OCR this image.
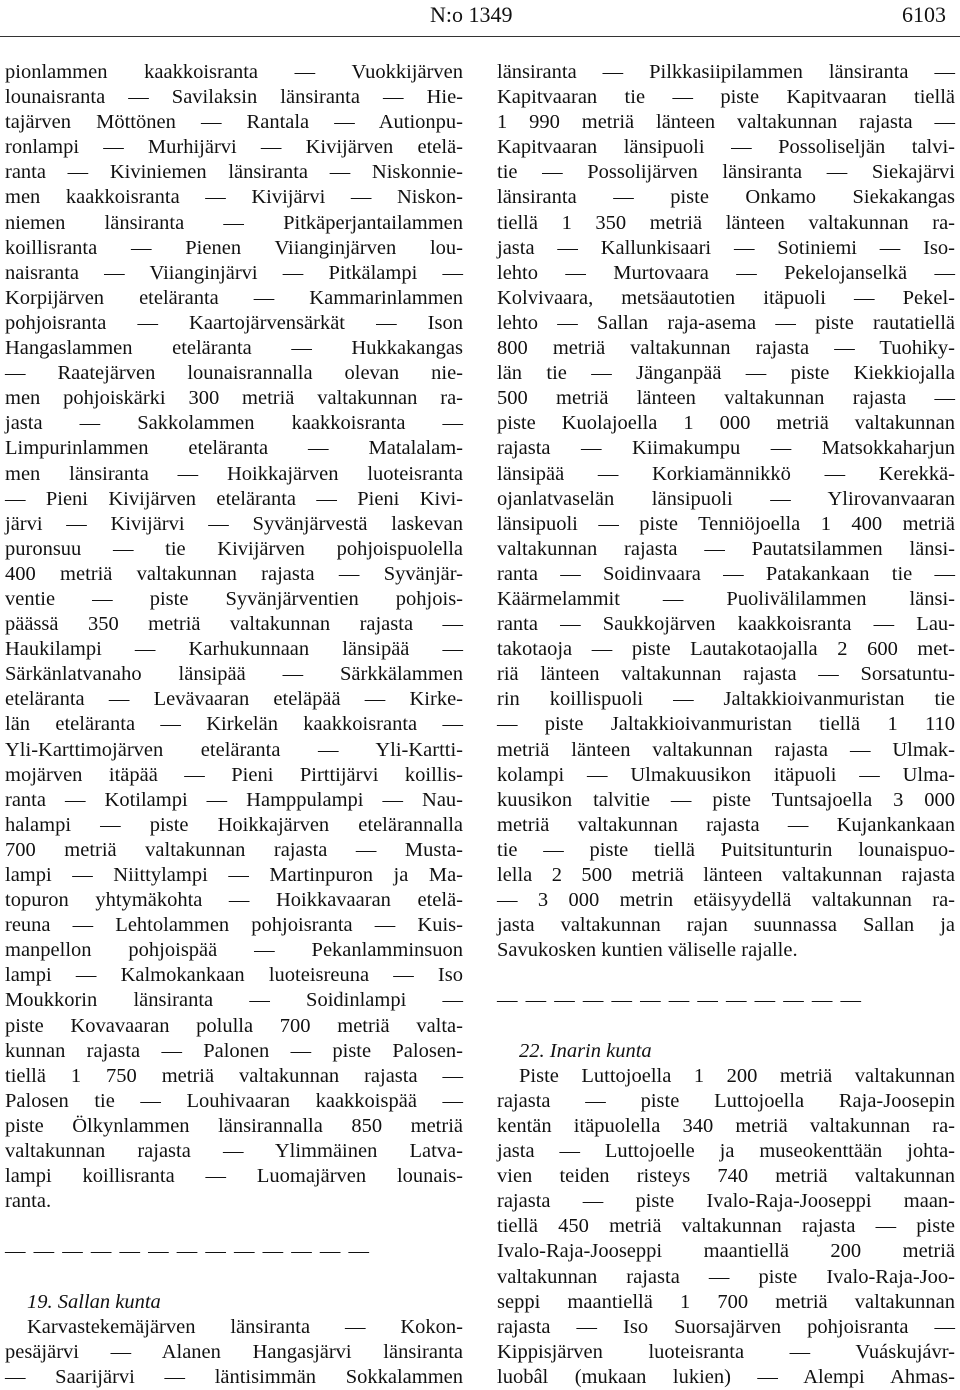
N:o 1349	6103
pionlammen kaakkoisranta — Vuokkijärven
lounaisranta — Savilaksin länsiranta — Hie-
tajärven Möttönen — Rantala — Autionpu-
ronlampi — Murhijärvi — Kivijärven etelä-
ranta — Kiviniemen länsiranta — Niskonnie-
men kaakkoisranta — Kivijärvi — Niskon-
niemen länsiranta — Pitkäperjantailammen
koillisranta — Pienen Viianginjärven lou-
naisranta — Viianginjärvi — Pitkälampi —
Korpijärven eteläranta — Kammarinlammen
pohjoisranta — Kaartojärvensärkät — Ison
Hangaslammen eteläranta — Hukkakangas
— Raatejärven lounaisrannalla olevan nie-
men pohjoiskärki 300 metriä valtakunnan ra-
jasta — Sakkolammen kaakkoisranta —
Limpurinlammen eteläranta — Matalalam-
men länsiranta — Hoikkajärven luoteisranta
— Pieni Kivijärven eteläranta — Pieni Kivi-
järvi — Kivijärvi — Syvänjärvestä laskevan
puronsuu — tie Kivijärven pohjoispuolella
400 metriä valtakunnan rajasta — Syvänjär-
ventie — piste Syvänjärventien pohjois-
päässä 350 metriä valtakunnan rajasta —
Haukilampi — Karhukunnaan länsipää —
Särkänlatvanaho länsipää — Särkkälammen
eteläranta — Levävaaran eteläpää — Kirke-
län eteläranta — Kirkelän kaakkoisranta —
Yli-Karttimojärven eteläranta — Yli-Kartti-
mojärven itäpää — Pieni Pirttijärvi koillis-
ranta — Kotilampi — Hamppulampi — Nau-
halampi — piste Hoikkajärven etelärannalla
700 metriä valtakunnan rajasta — Musta-
lampi — Niittylampi — Martinpuron ja Ma-
topuron yhtymäkohta — Hoikkavaaran etelä-
reuna — Lehtolammen pohjoisranta — Kuis-
manpellon pohjoispää — Pekanlamminsuon
lampi — Kalmokankaan luoteisreuna — Iso
Moukkorin länsiranta — Soidinlampi —
piste Kovavaaran polulla 700 metriä valta-
kunnan rajasta — Palonen — piste Palosen-
tiellä 1 750 metriä valtakunnan rajasta —
Palosen tie — Louhivaaran kaakkoispää —
piste Ölkynlammen länsirannalla 850 metriä
valtakunnan rajasta — Ylimmäinen Latva-
lampi koillisranta — Luomajärven lounais-
ranta.
— — — — — — — — — — — — —
19. Sallan kunta
Karvastekemäjärven länsiranta — Kokon-
pesäjärvi — Alanen Hangasjärvi länsiranta
— Saarijärvi — läntisimmän Sokkalammen
länsiranta — Pilkkasiipilammen länsiranta —
Kapitvaaran tie — piste Kapitvaaran tiellä
1 990 metriä länteen valtakunnan rajasta —
Kapitvaaran länsipuoli — Possoliseljän talvi-
tie — Possolijärven länsiranta — Siekajärvi
länsiranta — piste Onkamo Siekakangas
tiellä 1 350 metriä länteen valtakunnan ra-
jasta — Kallunkisaari — Sotiniemi — Iso-
lehto — Murtovaara — Pekelojanselkä —
Kolvivaara, metsäautotien itäpuoli — Pekel-
lehto — Sallan raja-asema — piste rautatiellä
800 metriä valtakunnan rajasta — Tuohiky-
län tie — Jänganpää — piste Kiekkiojalla
500 metriä länteen valtakunnan rajasta —
piste Kuolajoella 1 000 metriä valtakunnan
rajasta — Kiimakumpu — Matsokkaharjun
länsipää — Korkiamännikkö — Kerekkä-
ojanlatvaselän länsipuoli — Ylirovanvaaran
länsipuoli — piste Tenniöjoella 1 400 metriä
valtakunnan rajasta — Pautatsilammen länsi-
ranta — Soidinvaara — Patakankaan tie —
Käärmelammit — Puolivälilammen länsi-
ranta — Saukkojärven kaakkoisranta — Lau-
takotaoja — piste Lautakotaojalla 2 600 met-
riä länteen valtakunnan rajasta — Sorsatuntu-
rin koillispuoli — Jaltakkioivanmuristan tie
— piste Jaltakkioivanmuristan tiellä 1 110
metriä länteen valtakunnan rajasta — Ulmak-
kolampi — Ulmakuusikon itäpuoli — Ulma-
kuusikon talvitie — piste Tuntsajoella 3 000
metriä valtakunnan rajasta — Kujankankaan
tie — piste tiellä Puitsitunturin lounaispuo-
lella 2 500 metriä länteen valtakunnan rajasta
— 3 000 metrin etäisyydellä valtakunnan ra-
jasta valtakunnan rajan suunnassa Sallan ja
Savukosken kuntien väliselle rajalle.
— — — — — — — — — — — — —
22. Inarin kunta
Piste Luttojoella 1 200 metriä valtakunnan
rajasta — piste Luttojoella Raja-Joosepin
kentän itäpuolella 340 metriä valtakunnan ra-
jasta — Luttojoelle ja museokenttään johta-
vien teiden risteys 740 metriä valtakunnan
rajasta — piste Ivalo-Raja-Jooseppi maan-
tiellä 450 metriä valtakunnan rajasta — piste
Ivalo-Raja-Jooseppi maantiellä 200 metriä
valtakunnan rajasta — piste Ivalo-Raja-Joo-
seppi maantiellä 1 700 metriä valtakunnan
rajasta — Iso Suorsajärven pohjoisranta —
Kippisjärven luoteisranta — Vuáskujávr-
luobâl (mukaan lukien) — Alempi Ahmas-
